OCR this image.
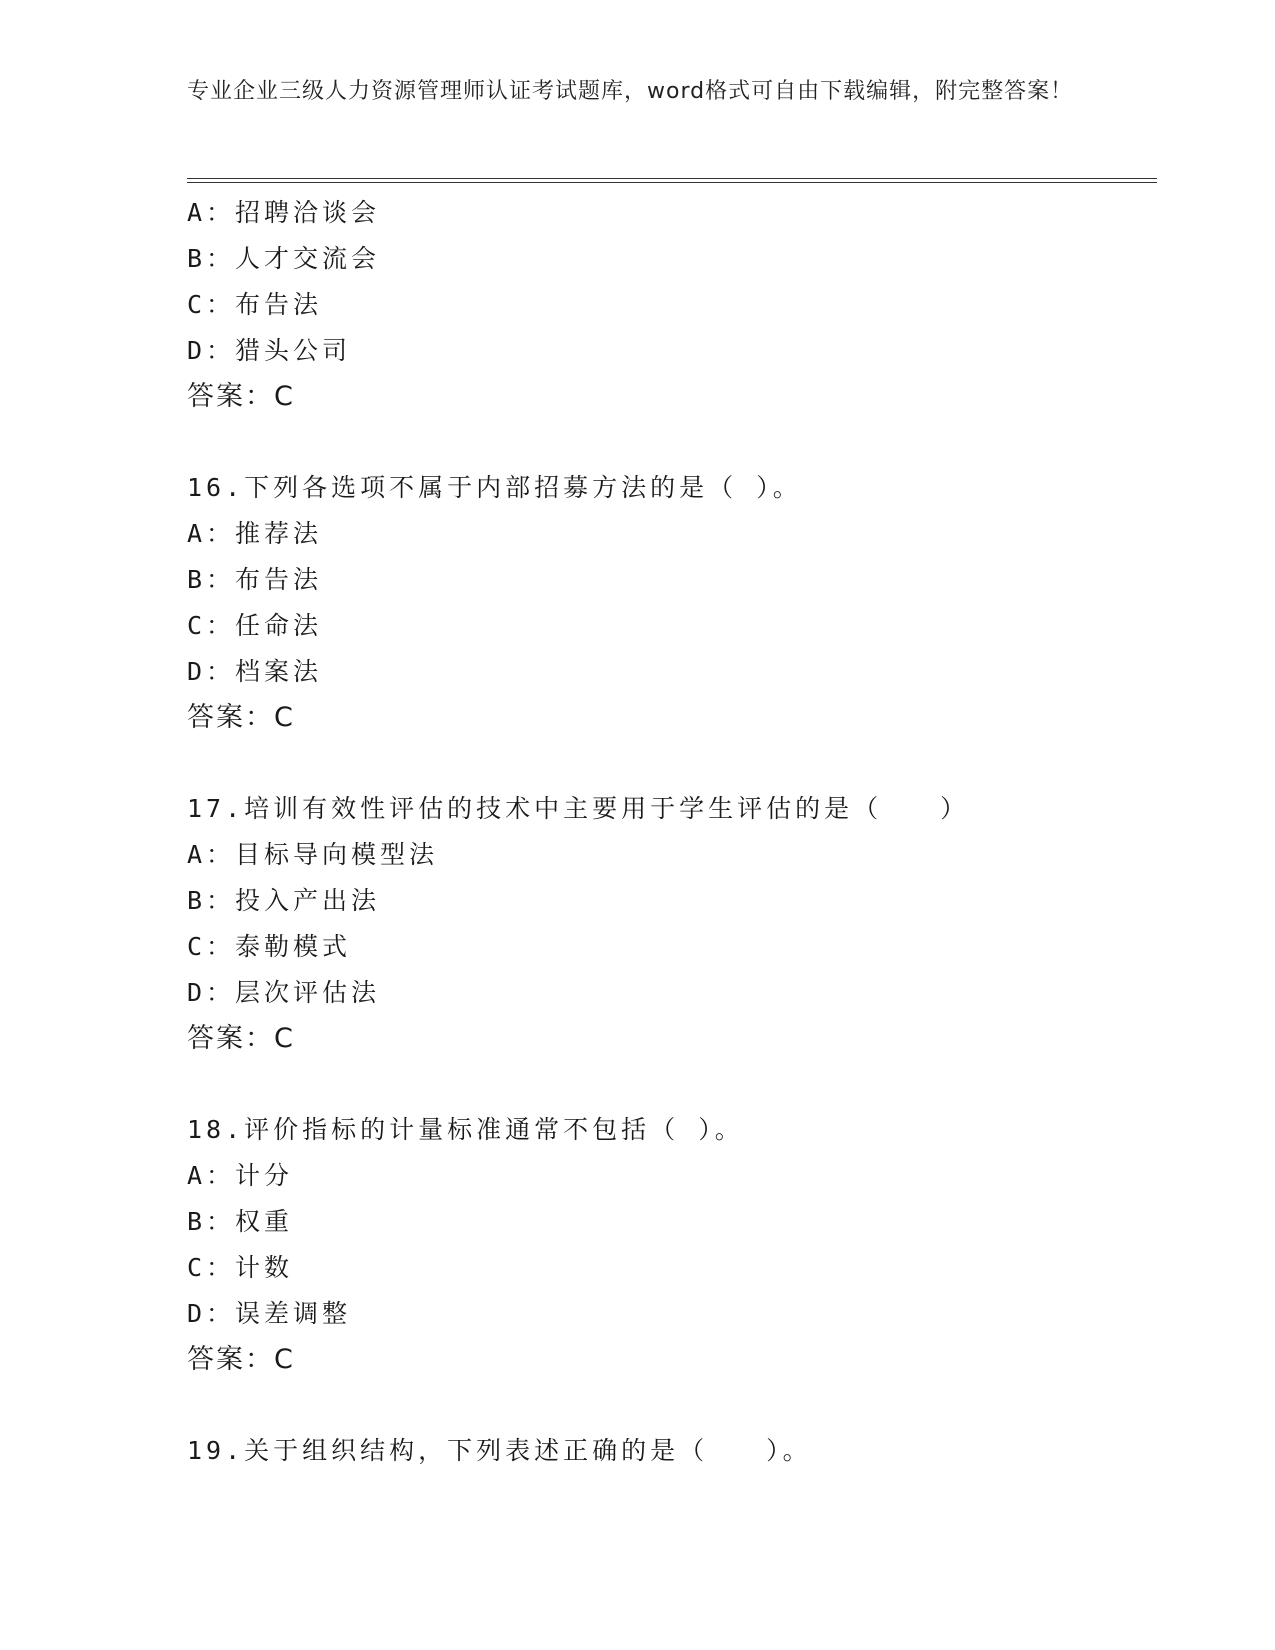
专业企业三级人力资源管理师认证考试题库，word格式可自由下载编辑，附完整答案！
A：招聘洽谈会
B：人才交流会
C：布告法
D：猎头公司
答案：C
16.下列各选项不属于内部招募方法的是（ ）。
A：推荐法
B：布告法
C：任命法
D：档案法
答案：C
17.培训有效性评估的技术中主要用于学生评估的是（　　）
A：目标导向模型法
B：投入产出法
C：泰勒模式
D：层次评估法
答案：C
18.评价指标的计量标准通常不包括（ ）。
A：计分
B：权重
C：计数
D：误差调整
答案：C
19.关于组织结构，下列表述正确的是（　　）。
